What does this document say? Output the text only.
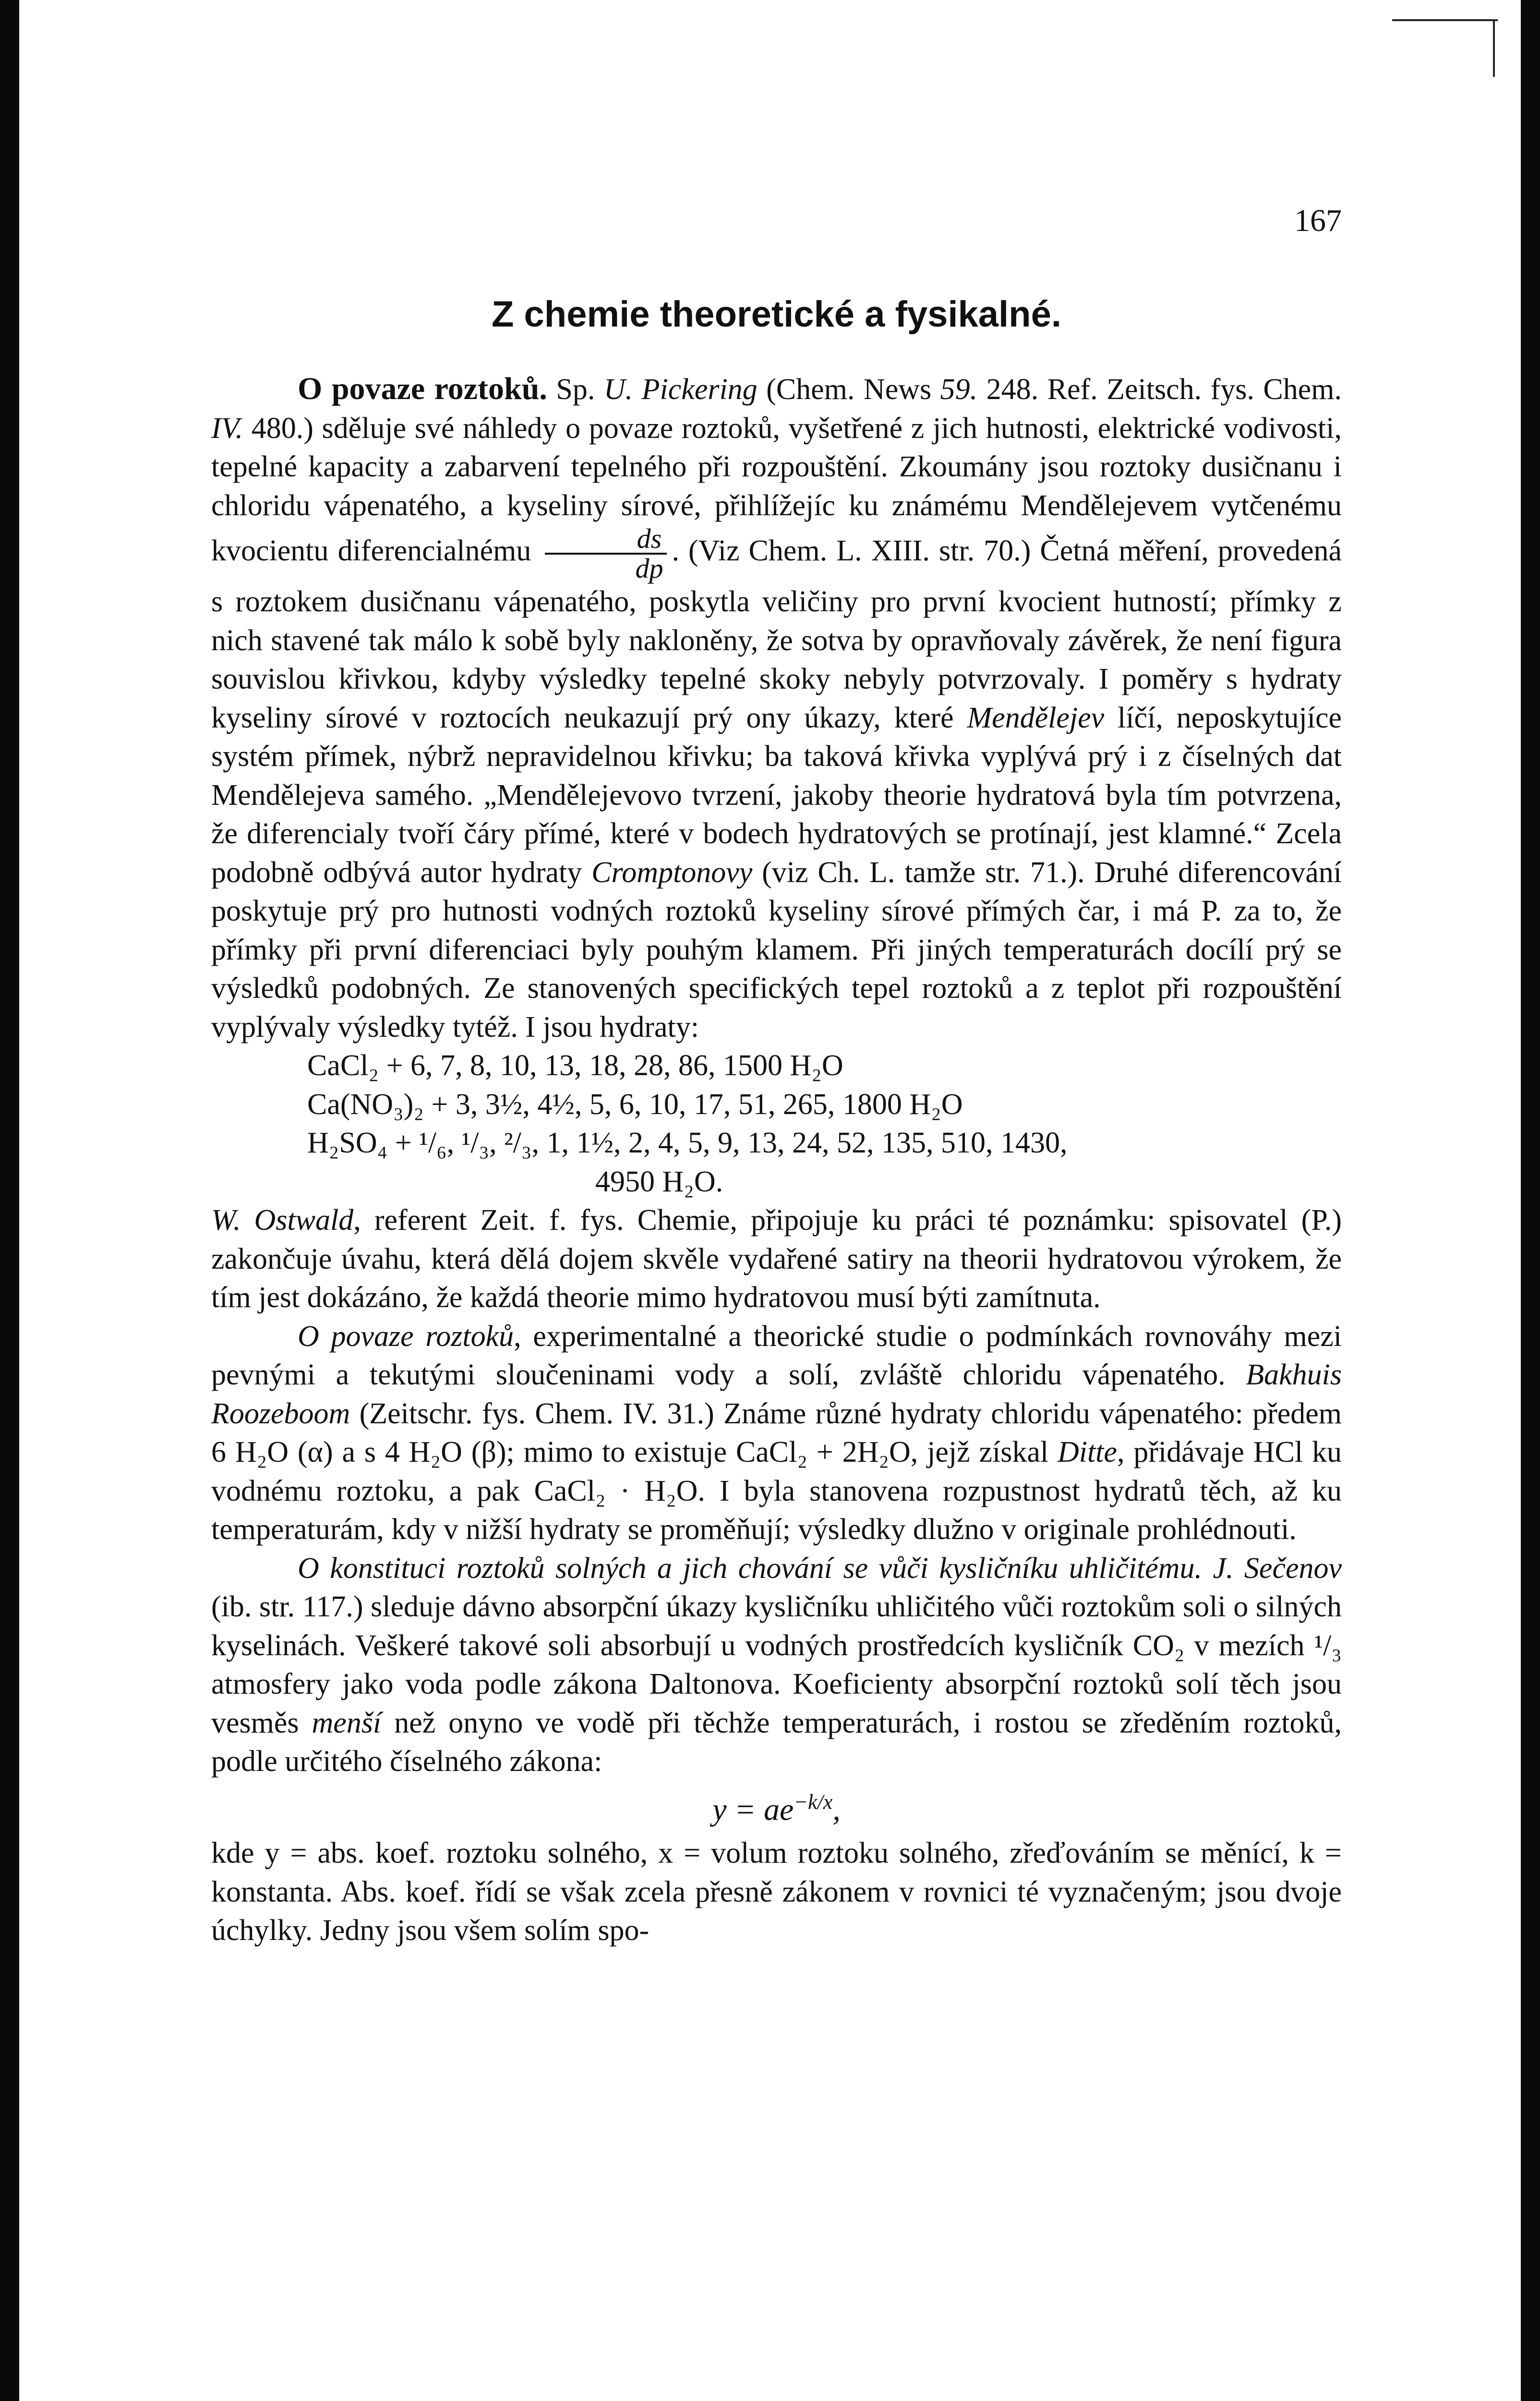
167
Z chemie theoretické a fysikalné.

O povaze roztoků. Sp. U. Pickering (Chem. News 59. 248. Ref. Zeitsch. fys. Chem. IV. 480.) sděluje své náhledy o povaze roztoků, vyšetřené z jich hutnosti, elektrické vodivosti, tepelné kapacity a zabarvení tepelného při rozpouštění. Zkoumány jsou roztoky dusičnanu i chloridu vápenatého, a kyseliny sírové, přihlížejíc ku známému Mendělejevem vytčenému kvocientu diferencialnému $\frac{ds}{dp}$ . (Viz Chem. L. XIII. str. 70.) Četná měření, provedená s roztokem dusičnanu vápenatého, poskytla veličiny pro první kvocient hutností; přímky z nich stavené tak málo k sobě byly nakloněny, že sotva by opravňovaly závěrek, že není figura souvislou křivkou, kdyby výsledky tepelné skoky nebyly potvrzovaly. I poměry s hydraty kyseliny sírové v roztocích neukazují prý ony úkazy, které Mendělejev líčí, neposkytujíce systém přímek, nýbrž nepravidelnou křivku; ba taková křivka vyplývá prý i z číselných dat Mendělejeva samého. „Mendělejevovo tvrzení, jakoby theorie hydratová byla tím potvrzena, že diferencialy tvoří čáry přímé, které v bodech hydratových se protínají, jest klamné.“ Zcela podobně odbývá autor hydraty Cromptonovy (viz Ch. L. tamže str. 71.). Druhé diferencování poskytuje prý pro hutnosti vodných roztoků kyseliny sírové přímých čar, i má P. za to, že přímky při první diferenciaci byly pouhým klamem. Při jiných temperaturách docílí prý se výsledků podobných. Ze stanovených specifických tepel roztoků a z teplot při rozpouštění vyplývaly výsledky tytéž. I jsou hydraty:

CaCl₂ + 6, 7, 8, 10, 13, 18, 28, 86, 1500 H₂O

Ca(NO₃)₂ + 3, 3½, 4½, 5, 6, 10, 17, 51, 265, 1800 H₂O

H₂SO₄ + ¹/₆, ¹/₃, ²/₃, 1, 1½, 2, 4, 5, 9, 13, 24, 52, 135, 510, 1430,

4950 H₂O.

W. Ostwald, referent Zeit. f. fys. Chemie, připojuje ku práci té poznámku: spisovatel (P.) zakončuje úvahu, která dělá dojem skvěle vydařené satiry na theorii hydratovou výrokem, že tím jest dokázáno, že každá theorie mimo hydratovou musí býti zamítnuta.

O povaze roztoků, experimentalné a theorické studie o podmínkách rovnováhy mezi pevnými a tekutými sloučeninami vody a solí, zvláště chloridu vápenatého. Bakhuis Roozeboom (Zeitschr. fys. Chem. IV. 31.) Známe různé hydraty chloridu vápenatého: předem 6 H₂O (α) a s 4 H₂O (β); mimo to existuje CaCl₂ + 2H₂O, jejž získal Ditte, přidávaje HCl ku vodnému roztoku, a pak CaCl₂ · H₂O. I byla stanovena rozpustnost hydratů těch, až ku temperaturám, kdy v nižší hydraty se proměňují; výsledky dlužno v originale prohlédnouti.

O konstituci roztoků solných a jich chování se vůči kysličníku uhličitému. J. Sečenov (ib. str. 117.) sleduje dávno absorpční úkazy kysličníku uhličitého vůči roztokům soli o silných kyselinách. Veškeré takové soli absorbují u vodných prostředcích kysličník CO₂ v mezích ¹/₃ atmosfery jako voda podle zákona Daltonova. Koeficienty absorpční roztoků solí těch jsou vesměs menší než onyno ve vodě při těchže temperaturách, i rostou se zředěním roztoků, podle určitého číselného zákona:

$y = ae^{-k/x}$,

kde y = abs. koef. roztoku solného, x = volum roztoku solného, zřeďováním se měnící, k = konstanta. Abs. koef. řídí se však zcela přesně zákonem v rovnici té vyznačeným; jsou dvoje úchylky. Jedny jsou všem solím spo-
